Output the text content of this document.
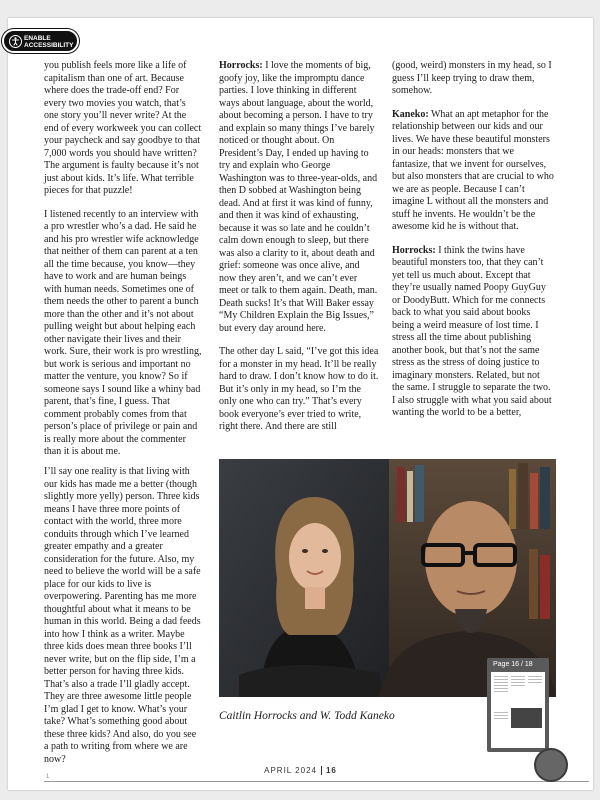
you publish feels more like a life of capitalism than one of art. Because where does the trade-off end? For every two movies you watch, that’s one story you’ll never write? At the end of every workweek you can collect your paycheck and say goodbye to that 7,000 words you should have written? The argument is faulty because it’s not just about kids. It’s life. What terrible pieces for that puzzle!

I listened recently to an interview with a pro wrestler who’s a dad. He said he and his pro wrestler wife acknowledge that neither of them can parent at a ten all the time because, you know—they have to work and are human beings with human needs. Sometimes one of them needs the other to parent a bunch more than the other and it’s not about pulling weight but about helping each other navigate their lives and their work. Sure, their work is pro wrestling, but work is serious and important no matter the venture, you know? So if someone says I sound like a whiny bad parent, that’s fine, I guess. That comment probably comes from that person’s place of privilege or pain and is really more about the commenter than it is about me.

I’ll say one reality is that living with our kids has made me a better (though slightly more yelly) person. Three kids means I have three more points of contact with the world, three more conduits through which I’ve learned greater empathy and a greater consideration for the future. Also, my need to believe the world will be a safe place for our kids to live is overpowering. Parenting has me more thoughtful about what it means to be human in this world. Being a dad feeds into how I think as a writer. Maybe three kids does mean three books I’ll never write, but on the flip side, I’m a better person for having three kids. That’s also a trade I’ll gladly accept. They are three awesome little people I’m glad I get to know. What’s your take? What’s something good about these three kids? And also, do you see a path to writing from where we are now?

Horrocks: I love the moments of big, goofy joy, like the impromptu dance parties. I love thinking in different ways about language, about the world, about becoming a person. I have to try and explain so many things I’ve barely noticed or thought about. On President’s Day, I ended up having to try and explain who George Washington was to three-year-olds, and then D sobbed at Washington being dead. And at first it was kind of funny, and then it was kind of exhausting, because it was so late and he couldn’t calm down enough to sleep, but there was also a clarity to it, about death and grief: someone was once alive, and now they aren’t, and we can’t ever meet or talk to them again. Death, man. Death sucks! It’s that Will Baker essay “My Children Explain the Big Issues,” but every day around here.

The other day L said, “I’ve got this idea for a monster in my head. It’ll be really hard to draw. I don’t know how to do it. But it’s only in my head, so I’m the only one who can try.” That’s every book everyone’s ever tried to write, right there. And there are still

(good, weird) monsters in my head, so I guess I’ll keep trying to draw them, somehow.

Kaneko: What an apt metaphor for the relationship between our kids and our lives. We have these beautiful monsters in our heads: monsters that we fantasize, that we invent for ourselves, but also monsters that are crucial to who we are as people. Because I can’t imagine L without all the monsters and stuff he invents. He wouldn’t be the awesome kid he is without that.

Horrocks: I think the twins have beautiful monsters too, that they can’t yet tell us much about. Except that they’re usually named Poopy GuyGuy or DoodyButt. Which for me connects back to what you said about books being a weird measure of lost time. I stress all the time about publishing another book, but that’s not the same stress as the stress of doing justice to imaginary monsters. Related, but not the same. I struggle to separate the two. I also struggle with what you said about wanting the world to be a better,

Caitlin Horrocks and W. Todd Kaneko
1
APRIL 2024 16
ENABLE
ACCESSIBILITY
Page 16 / 18
